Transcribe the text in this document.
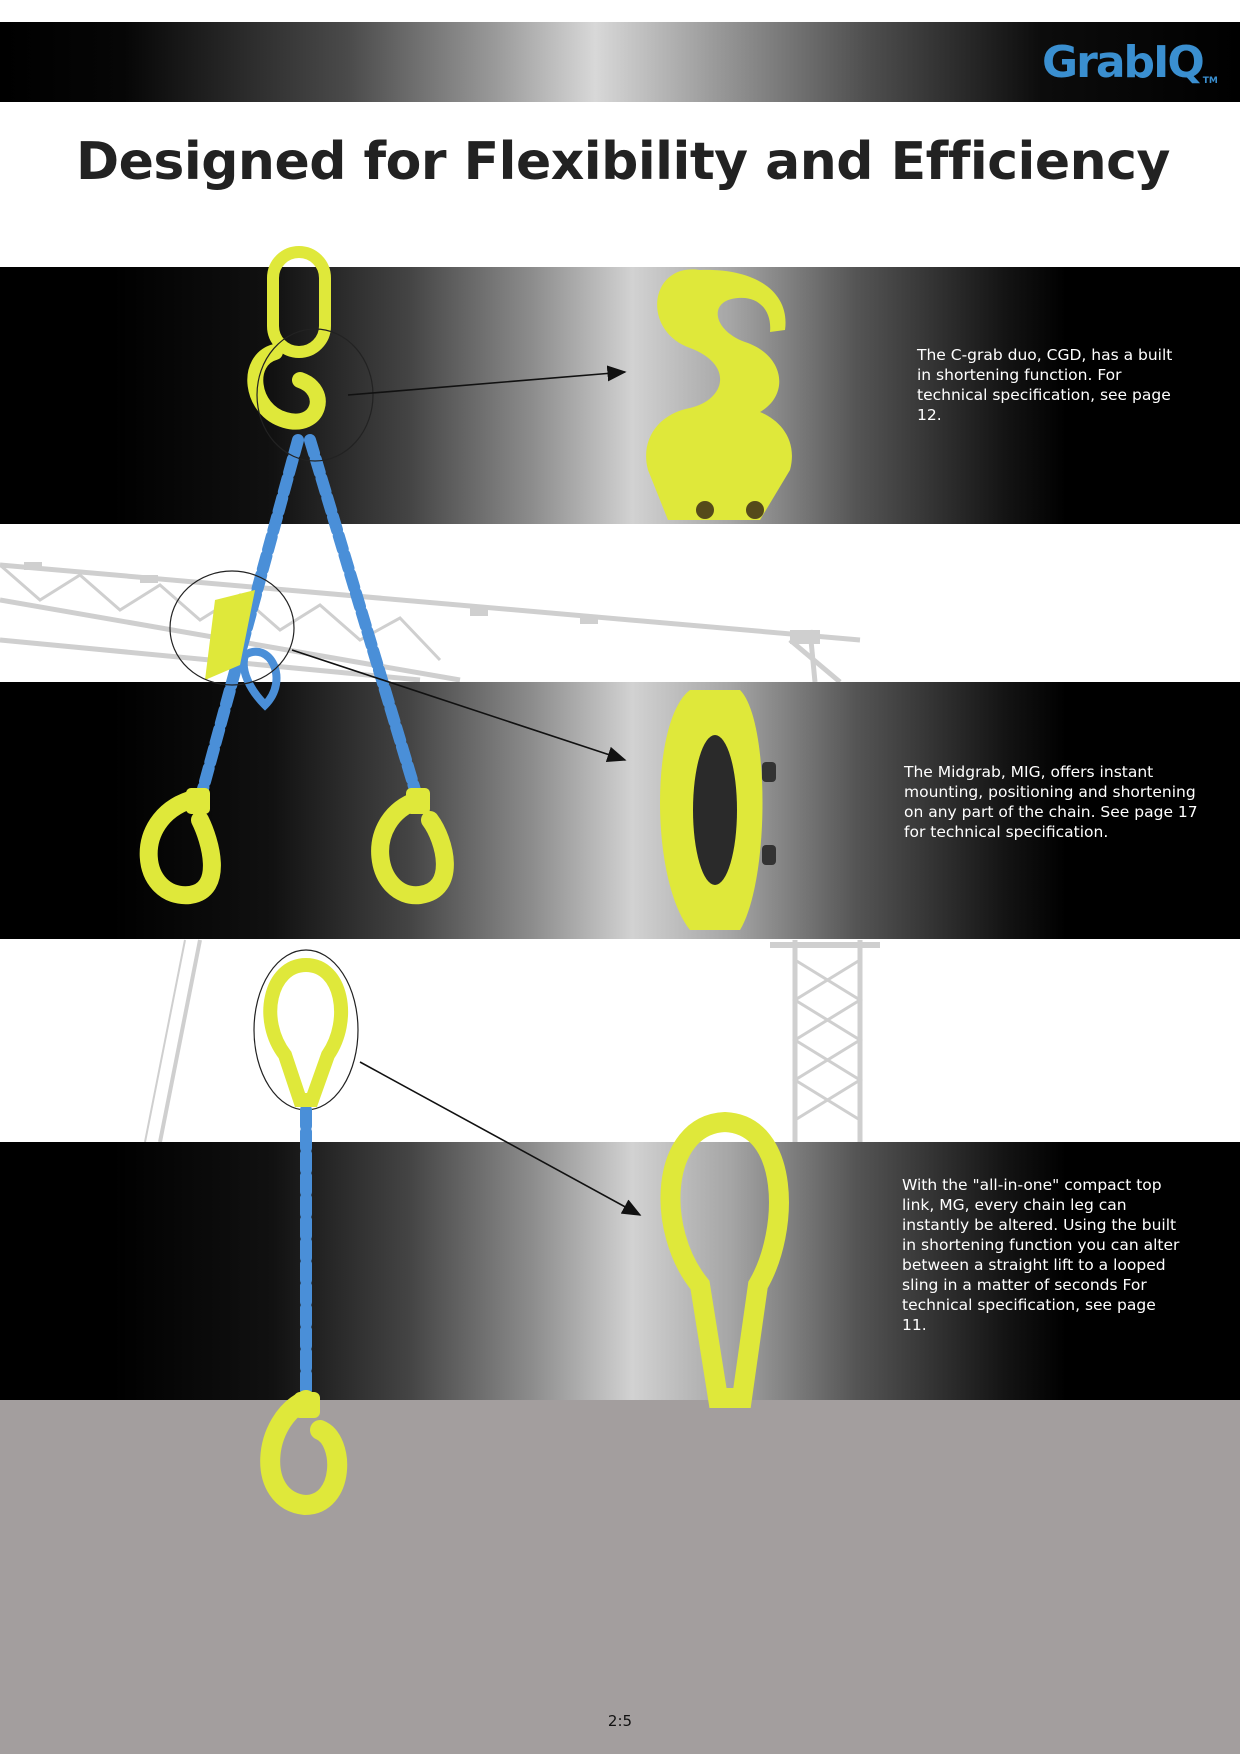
GrabIQTM
Designed for Flexibility and Efficiency

The C-grab duo, CGD, has a built in shortening function. For technical specification, see page 12.

The Midgrab, MIG, offers instant mounting, positioning and shortening on any part of the chain. See page 17 for technical specification.

With the "all-in-one" compact top link, MG, every chain leg can instantly be altered. Using the built in shortening function you can alter between a straight lift to a looped sling in a matter of seconds For technical specification, see page 11.

2:5
